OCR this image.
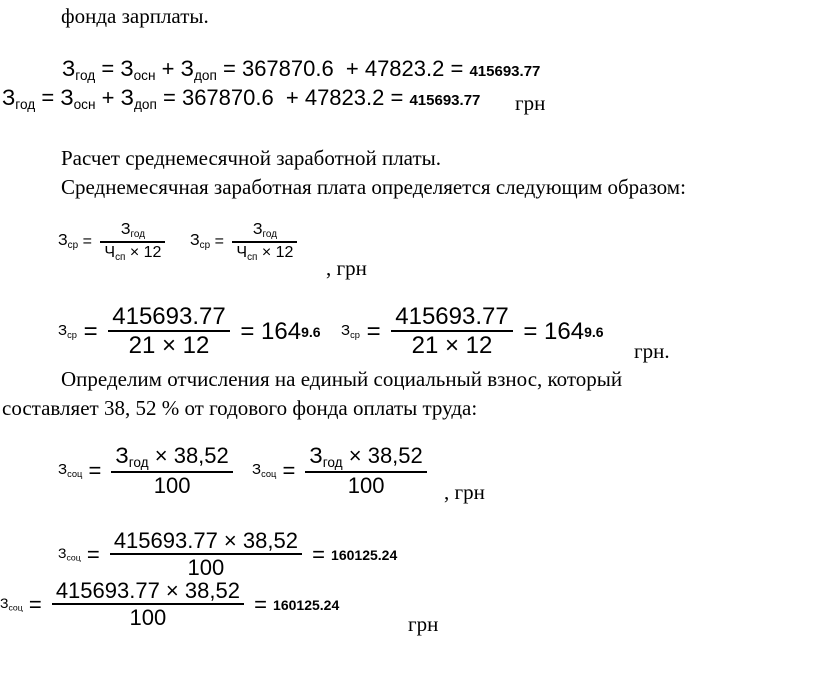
фонда зарплаты.
$З_{год} = З_{осн} + З_{доп} = 367870.6 + 47823.2 = 415693.77$
$З_{год} = З_{осн} + З_{доп} = 367870.6 + 47823.2 = 415693.77$ грн
Расчет среднемесячной заработной платы.
Среднемесячная заработная плата определяется следующим образом:
$З_{ср} = \frac{З_{год}}{Ч_{сп} \times 12} З_{ср} = \frac{З_{год}}{Ч_{сп} \times 12}$
, грн
$З_{ср} = \frac{415693.77}{21 \times 12} = 1649.6$ $З_{ср} = \frac{415693.77}{21 \times 12} = 1649.6$
грн.
Определим отчисления на единый социальный взнос, который
составляет 38, 52 % от годового фонда оплаты труда:
$З_{соц} = \frac{З_{год} \times 38,52}{100} З_{соц} = \frac{З_{год} \times 38,52}{100}$ , грн
$З_{соц} = \frac{415693.77 \times 38,52}{100} = 160125.24$
$З_{соц} = \frac{415693.77 \times 38,52}{100} = 160125.24$
грн
